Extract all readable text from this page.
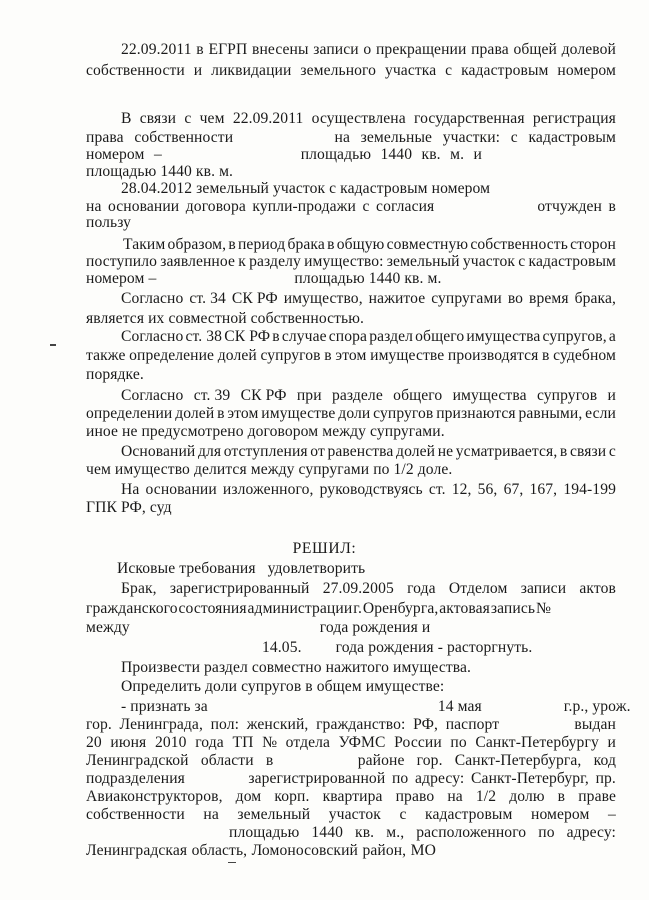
22.09.2011 в ЕГРП внесены записи о прекращении права общей долевой
собственности и ликвидации земельного участка с кадастровым номером
В связи с чем 22.09.2011 осуществлена государственная регистрация
права собственности	на земельные участки: с кадастровым
номером –	площадью 1440 кв. м. и
площадью 1440 кв. м.
28.04.2012 земельный участок с кадастровым номером
на основании договора купли-продажи с согласия	отчужден в
пользу
Таким образом, в период брака в общую совместную собственность сторон
поступило заявленное к разделу имущество: земельный участок с кадастровым
номером –	площадью 1440 кв. м.
Согласно ст. 34 СК РФ имущество, нажитое супругами во время брака,
является их совместной собственностью.
Согласно ст. 38 СК РФ в случае спора раздел общего имущества супругов, а
также определение долей супругов в этом имуществе производятся в судебном
порядке.
Согласно ст. 39 СК РФ при разделе общего имущества супругов и
определении долей в этом имуществе доли супругов признаются равными, если
иное не предусмотрено договором между супругами.
Оснований для отступления от равенства долей не усматривается, в связи с
чем имущество делится между супругами по 1/2 доле.
На основании изложенного, руководствуясь ст. 12, 56, 67, 167, 194-199
ГПК РФ, суд
РЕШИЛ:
Исковые требования   удовлетворить
Брак, зарегистрированный 27.09.2005 года Отделом записи актов
гражданского состояния администрации г. Оренбурга, актовая запись №
между	года рождения и
14.05. года рождения - расторгнуть.
Произвести раздел совместно нажитого имущества.
Определить доли супругов в общем имуществе:
- признать за	14 мая	г.р., урож.
гор. Ленинграда, пол: женский, гражданство: РФ, паспорт	выдан
20 июня 2010 года ТП № отдела УФМС России по Санкт-Петербургу и
Ленинградской области в	районе гор. Санкт-Петербурга, код
подразделения	зарегистрированной по адресу: Санкт-Петербург, пр.
Авиаконструкторов, дом корп. квартира право на 1/2 долю в праве
собственности на земельный участок с кадастровым номером –
площадью 1440 кв. м., расположенного по адресу:
Ленинградская область, Ломоносовский район, МО
